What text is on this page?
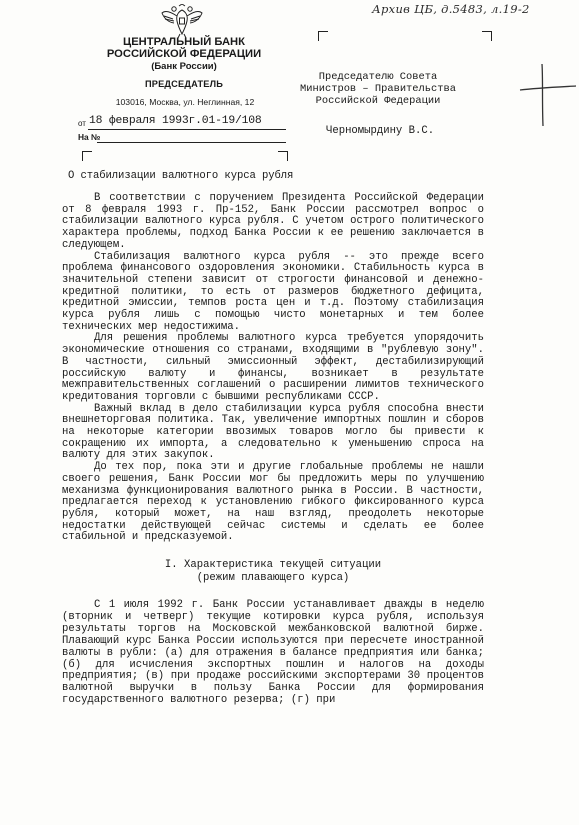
Архив ЦБ, д.5483, л.19-2
ЦЕНТРАЛЬНЫЙ БАНК
РОССИЙСКОЙ ФЕДЕРАЦИИ
(Банк России)
ПРЕДСЕДАТЕЛЬ
103016, Москва, ул. Неглинная, 12
от 18 февраля 1993г.01-19/108
На №
Председателю Совета
Министров – Правительства
Российской Федерации
Черномырдину В.С.
О стабилизации валютного курса рубля

В соответствии с поручением Президента Российской Федерации от 8 февраля 1993 г. Пр-152, Банк России рассмотрел вопрос о стабилизации валютного курса рубля. С учетом острого политического характера проблемы, подход Банка России к ее решению заключается в следующем.

Стабилизация валютного курса рубля -- это прежде всего проблема финансового оздоровления экономики. Стабильность курса в значительной степени зависит от строгости финансовой и денежно-кредитной политики, то есть от размеров бюджетного дефицита, кредитной эмиссии, темпов роста цен и т.д. Поэтому стабилизация курса рубля лишь с помощью чисто монетарных и тем более технических мер недостижима.

Для решения проблемы валютного курса требуется упорядочить экономические отношения со странами, входящими в "рублевую зону". В частности, сильный эмиссионный эффект, дестабилизирующий российскую валюту и финансы, возникает в результате межправительственных соглашений о расширении лимитов технического кредитования торговли с бывшими республиками СССР.

Важный вклад в дело стабилизации курса рубля способна внести внешнеторговая политика. Так, увеличение импортных пошлин и сборов на некоторые категории ввозимых товаров могло бы привести к сокращению их импорта, а следовательно к уменьшению спроса на валюту для этих закупок.

До тех пор, пока эти и другие глобальные проблемы не нашли своего решения, Банк России мог бы предложить меры по улучшению механизма функционирования валютного рынка в России. В частности, предлагается переход к установлению гибкого фиксированного курса рубля, который может, на наш взгляд, преодолеть некоторые недостатки действующей сейчас системы и сделать ее более стабильной и предсказуемой.

I. Характеристика текущей ситуации
(режим плавающего курса)

С 1 июля 1992 г. Банк России устанавливает дважды в неделю (вторник и четверг) текущие котировки курса рубля, используя результаты торгов на Московской межбанковской валютной бирже. Плавающий курс Банка России используются при пересчете иностранной валюты в рубли: (а) для отражения в балансе предприятия или банка; (б) для исчисления экспортных пошлин и налогов на доходы предприятия; (в) при продаже российскими экспортерами 30 процентов валютной выручки в пользу Банка России для формирования государственного валютного резерва; (г) при
